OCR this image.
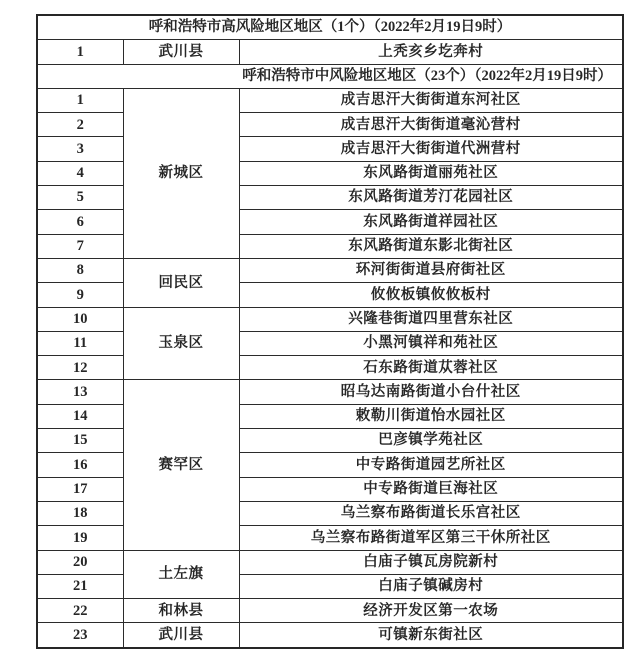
呼和浩特市高风险地区地区（1个）（2022年2月19日9时）		
1	武川县	上秃亥乡圪奔村
呼和浩特市中风险地区地区（23个）（2022年2月19日9时）		
1	新城区	成吉思汗大街街道东河社区
2		成吉思汗大街街道毫沁营村
3		成吉思汗大街街道代洲营村
4		东风路街道丽苑社区
5		东风路街道芳汀花园社区
6		东风路街道祥园社区
7		东风路街道东影北街社区
8	回民区	环河街街道县府街社区
9		攸攸板镇攸攸板村
10	玉泉区	兴隆巷街道四里营东社区
11		小黑河镇祥和苑社区
12		石东路街道苁蓉社区
13	赛罕区	昭乌达南路街道小台什社区
14		敕勒川街道怡水园社区
15		巴彦镇学苑社区
16		中专路街道园艺所社区
17		中专路街道巨海社区
18		乌兰察布路街道长乐宫社区
19		乌兰察布路街道军区第三干休所社区
20	土左旗	白庙子镇瓦房院新村
21		白庙子镇碱房村
22	和林县	经济开发区第一农场
23	武川县	可镇新东街社区
